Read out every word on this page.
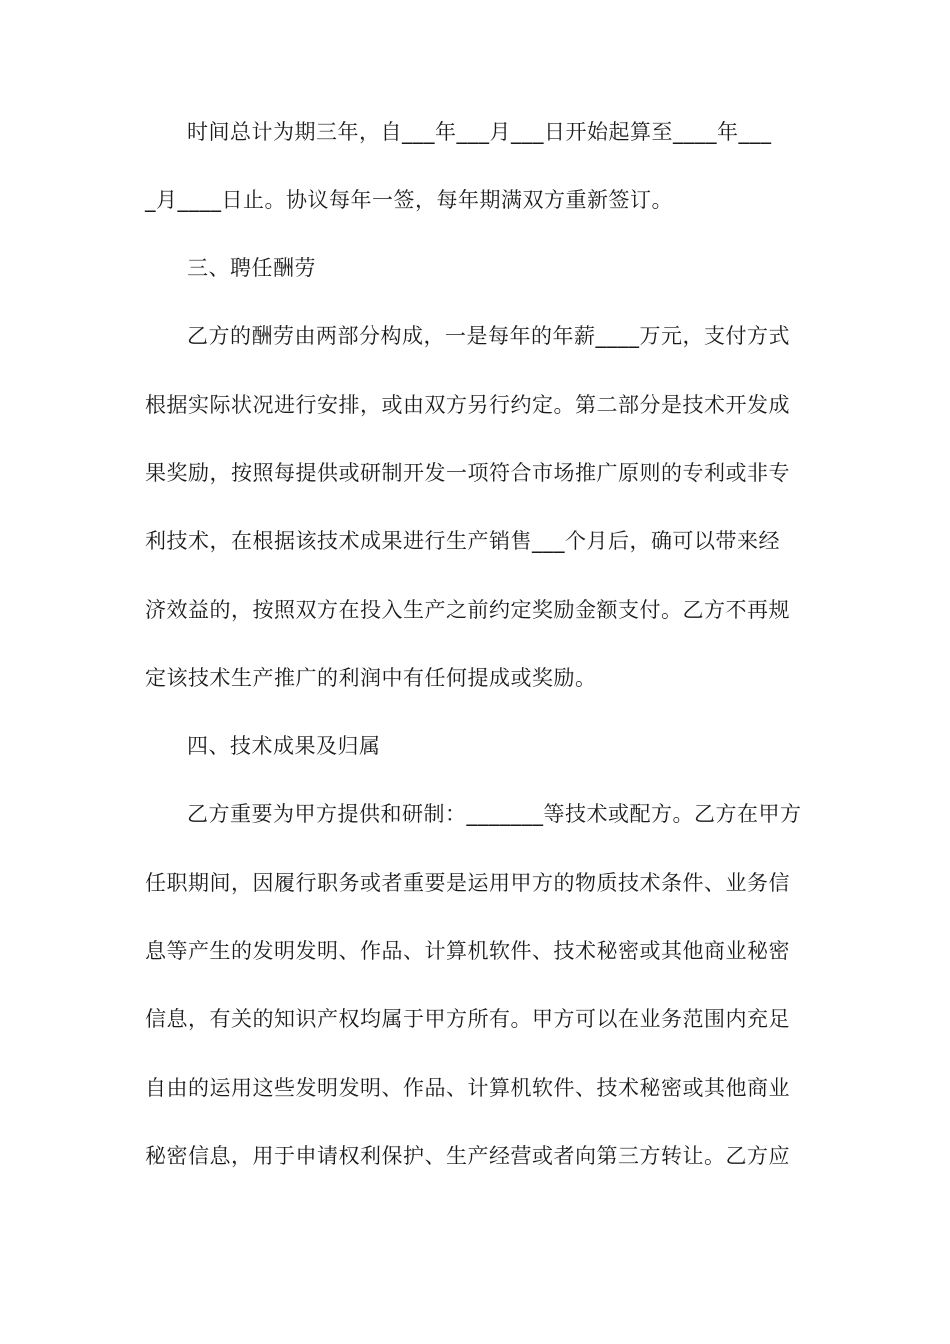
时间总计为期三年，自___年___月___日开始起算至____年___
_月____日止。协议每年一签，每年期满双方重新签订。
三、聘任酬劳
乙方的酬劳由两部分构成，一是每年的年薪____万元，支付方式
根据实际状况进行安排，或由双方另行约定。第二部分是技术开发成
果奖励，按照每提供或研制开发一项符合市场推广原则的专利或非专
利技术，在根据该技术成果进行生产销售___个月后，确可以带来经
济效益的，按照双方在投入生产之前约定奖励金额支付。乙方不再规
定该技术生产推广的利润中有任何提成或奖励。
四、技术成果及归属
乙方重要为甲方提供和研制：_______等技术或配方。乙方在甲方
任职期间，因履行职务或者重要是运用甲方的物质技术条件、业务信
息等产生的发明发明、作品、计算机软件、技术秘密或其他商业秘密
信息，有关的知识产权均属于甲方所有。甲方可以在业务范围内充足
自由的运用这些发明发明、作品、计算机软件、技术秘密或其他商业
秘密信息，用于申请权利保护、生产经营或者向第三方转让。乙方应
